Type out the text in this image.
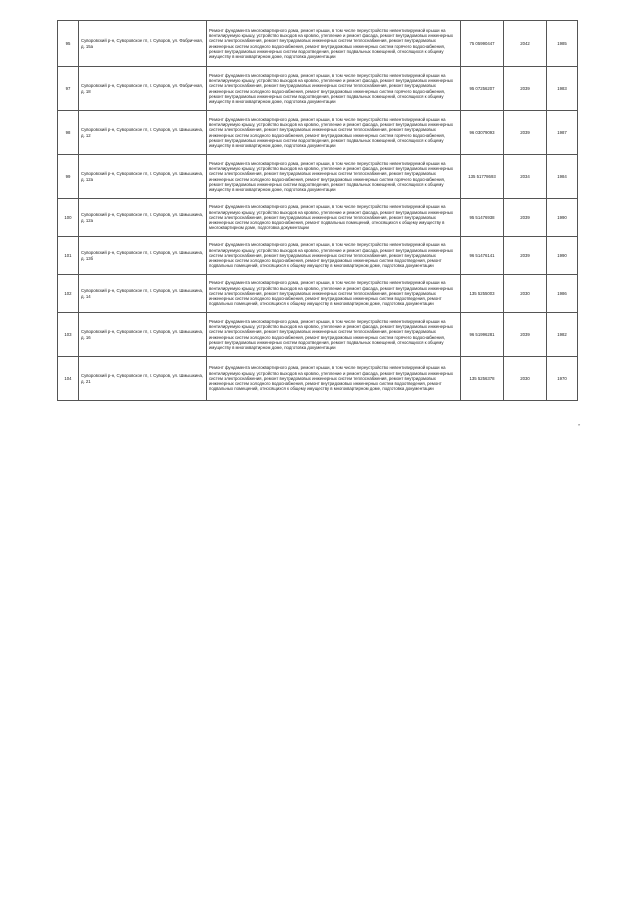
95	Суворовский р-н, Суворовское гп, г. Суворов, ул. Фабричная, д. 15а	Ремонт фундамента многоквартирного дома, ремонт крыши, в том числе переустройство невентилируемой крыши на вентилируемую крышу, устройство выходов на кровлю, утепление и ремонт фасада, ремонт внутридомовых инженерных систем электроснабжения, ремонт внутридомовых инженерных систем теплоснабжения, ремонт внутридомовых инженерных систем холодного водоснабжения, ремонт внутридомовых инженерных систем горячего водоснабжения, ремонт внутридомовых инженерных систем водоотведения, ремонт подвальных помещений, относящихся к общему имуществу в многоквартирном доме, подготовка документации	75 05990447	2042	1985
97	Суворовский р-н, Суворовское гп, г. Суворов, ул. Фабричная, д. 18	Ремонт фундамента многоквартирного дома, ремонт крыши, в том числе переустройство невентилируемой крыши на вентилируемую крышу, устройство выходов на кровлю, утепление и ремонт фасада, ремонт внутридомовых инженерных систем электроснабжения, ремонт внутридомовых инженерных систем теплоснабжения, ремонт внутридомовых инженерных систем холодного водоснабжения, ремонт внутридомовых инженерных систем горячего водоснабжения, ремонт внутридомовых инженерных систем водоотведения, ремонт подвальных помещений, относящихся к общему имуществу в многоквартирном доме, подготовка документации	95 07256207	2039	1983
98	Суворовский р-н, Суворовское гп, г. Суворов, ул. Шмышкина, д. 12	Ремонт фундамента многоквартирного дома, ремонт крыши, в том числе переустройство невентилируемой крыши на вентилируемую крышу, устройство выходов на кровлю, утепление и ремонт фасада, ремонт внутридомовых инженерных систем электроснабжения, ремонт внутридомовых инженерных систем теплоснабжения, ремонт внутридомовых инженерных систем холодного водоснабжения, ремонт внутридомовых инженерных систем горячего водоснабжения, ремонт внутридомовых инженерных систем водоотведения, ремонт подвальных помещений, относящихся к общему имуществу в многоквартирном доме, подготовка документации	96 03079093	2039	1987
99	Суворовский р-н, Суворовское гп, г. Суворов, ул. Шмышкина, д. 12а	Ремонт фундамента многоквартирного дома, ремонт крыши, в том числе переустройство невентилируемой крыши на вентилируемую крышу, устройство выходов на кровлю, утепление и ремонт фасада, ремонт внутридомовых инженерных систем электроснабжения, ремонт внутридомовых инженерных систем теплоснабжения, ремонт внутридомовых инженерных систем холодного водоснабжения, ремонт внутридомовых инженерных систем горячего водоснабжения, ремонт внутридомовых инженерных систем водоотведения, ремонт подвальных помещений, относящихся к общему имуществу в многоквартирном доме, подготовка документации	135 51778693	2034	1984
100	Суворовский р-н, Суворовское гп, г. Суворов, ул. Шмышкина, д. 12а	Ремонт фундамента многоквартирного дома, ремонт крыши, в том числе переустройство невентилируемой крыши на вентилируемую крышу, устройство выходов на кровлю, утепление и ремонт фасада, ремонт внутридомовых инженерных систем электроснабжения, ремонт внутридомовых инженерных систем теплоснабжения, ремонт внутридомовых инженерных систем холодного водоснабжения, ремонт подвальных помещений, относящихся к общему имуществу в многоквартирном доме, подготовка документации	95 51476938	2039	1990
101	Суворовский р-н, Суворовское гп, г. Суворов, ул. Шмышкина, д. 13б	Ремонт фундамента многоквартирного дома, ремонт крыши, в том числе переустройство невентилируемой крыши на вентилируемую крышу, устройство выходов на кровлю, утепление и ремонт фасада, ремонт внутридомовых инженерных систем электроснабжения, ремонт внутридомовых инженерных систем теплоснабжения, ремонт внутридомовых инженерных систем холодного водоснабжения, ремонт внутридомовых инженерных систем водоотведения, ремонт подвальных помещений, относящихся к общему имуществу в многоквартирном доме, подготовка документации	96 51476141	2039	1990
102	Суворовский р-н, Суворовское гп, г. Суворов, ул. Шмышкина, д. 14	Ремонт фундамента многоквартирного дома, ремонт крыши, в том числе переустройство невентилируемой крыши на вентилируемую крышу, устройство выходов на кровлю, утепление и ремонт фасада, ремонт внутридомовых инженерных систем электроснабжения, ремонт внутридомовых инженерных систем теплоснабжения, ремонт внутридомовых инженерных систем холодного водоснабжения, ремонт внутридомовых инженерных систем водоотведения, ремонт подвальных помещений, относящихся к общему имуществу в многоквартирном доме, подготовка документации	135 5255003	2030	1986
103	Суворовский р-н, Суворовское гп, г. Суворов, ул. Шмышкина, д. 16	Ремонт фундамента многоквартирного дома, ремонт крыши, в том числе переустройство невентилируемой крыши на вентилируемую крышу, устройство выходов на кровлю, утепление и ремонт фасада, ремонт внутридомовых инженерных систем электроснабжения, ремонт внутридомовых инженерных систем теплоснабжения, ремонт внутридомовых инженерных систем холодного водоснабжения, ремонт внутридомовых инженерных систем горячего водоснабжения, ремонт внутридомовых инженерных систем водоотведения, ремонт подвальных помещений, относящихся к общему имуществу в многоквартирном доме, подготовка документации	96 51996281	2039	1982
104	Суворовский р-н, Суворовское гп, г. Суворов, ул. Шмышкина, д. 21	Ремонт фундамента многоквартирного дома, ремонт крыши, в том числе переустройство невентилируемой крыши на вентилируемую крышу, устройство выходов на кровлю, утепление и ремонт фасада, ремонт внутридомовых инженерных систем электроснабжения, ремонт внутридомовых инженерных систем теплоснабжения, ремонт внутридомовых инженерных систем холодного водоснабжения, ремонт внутридомовых инженерных систем водоотведения, ремонт подвальных помещений, относящихся к общему имуществу в многоквартирном доме, подготовка документации	135 5256378	2030	1970
»
